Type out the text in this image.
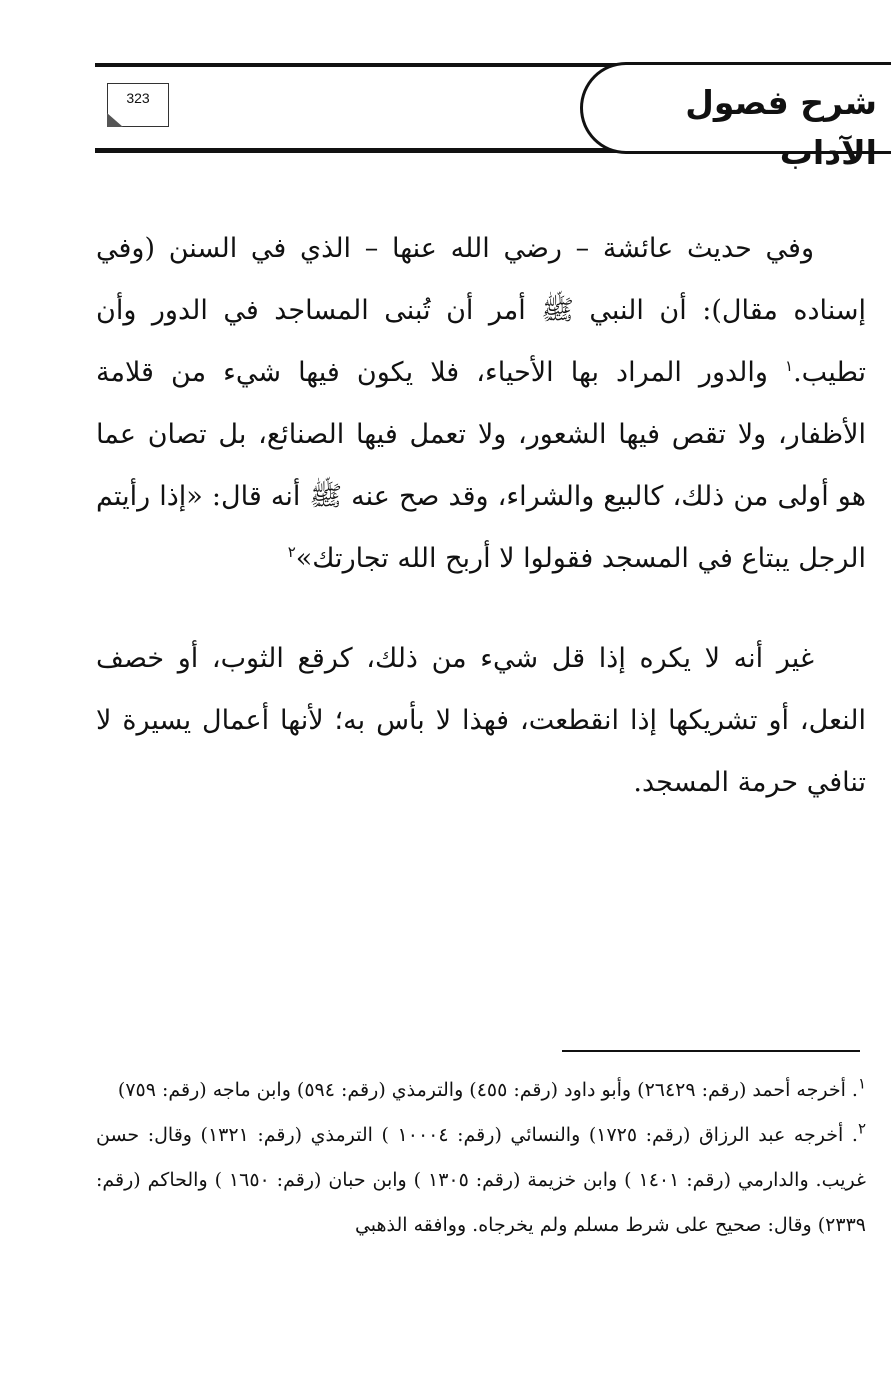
شرح فصول الآداب
323
وفي حديث عائشة – رضي الله عنها – الذي في السنن (وفي إسناده مقال): أن النبي ﷺ أمر أن تُبنى المساجد في الدور وأن تطيب.$^١$ والدور المراد بها الأحياء، فلا يكون فيها شيء من قلامة الأظفار، ولا تقص فيها الشعور، ولا تعمل فيها الصنائع، بل تصان عما هو أولى من ذلك، كالبيع والشراء، وقد صح عنه ﷺ أنه قال: «إذا رأيتم الرجل يبتاع في المسجد فقولوا لا أربح الله تجارتك»$^٢$
غير أنه لا يكره إذا قل شيء من ذلك، كرقع الثوب، أو خصف النعل، أو تشريكها إذا انقطعت، فهذا لا بأس به؛ لأنها أعمال يسيرة لا تنافي حرمة المسجد.

$^١$. أخرجه أحمد (رقم: ٢٦٤٢٩) وأبو داود (رقم: ٤٥٥) والترمذي (رقم: ٥٩٤) وابن ماجه (رقم: ٧٥٩)

$^٢$. أخرجه عبد الرزاق (رقم: ١٧٢٥) والنسائي (رقم: ١٠٠٠٤ ) الترمذي (رقم: ١٣٢١) وقال: حسن غريب. والدارمي (رقم: ١٤٠١ ) وابن خزيمة (رقم: ١٣٠٥ ) وابن حبان (رقم: ١٦٥٠ ) والحاكم (رقم: ٢٣٣٩) وقال: صحيح على شرط مسلم ولم يخرجاه. ووافقه الذهبي
